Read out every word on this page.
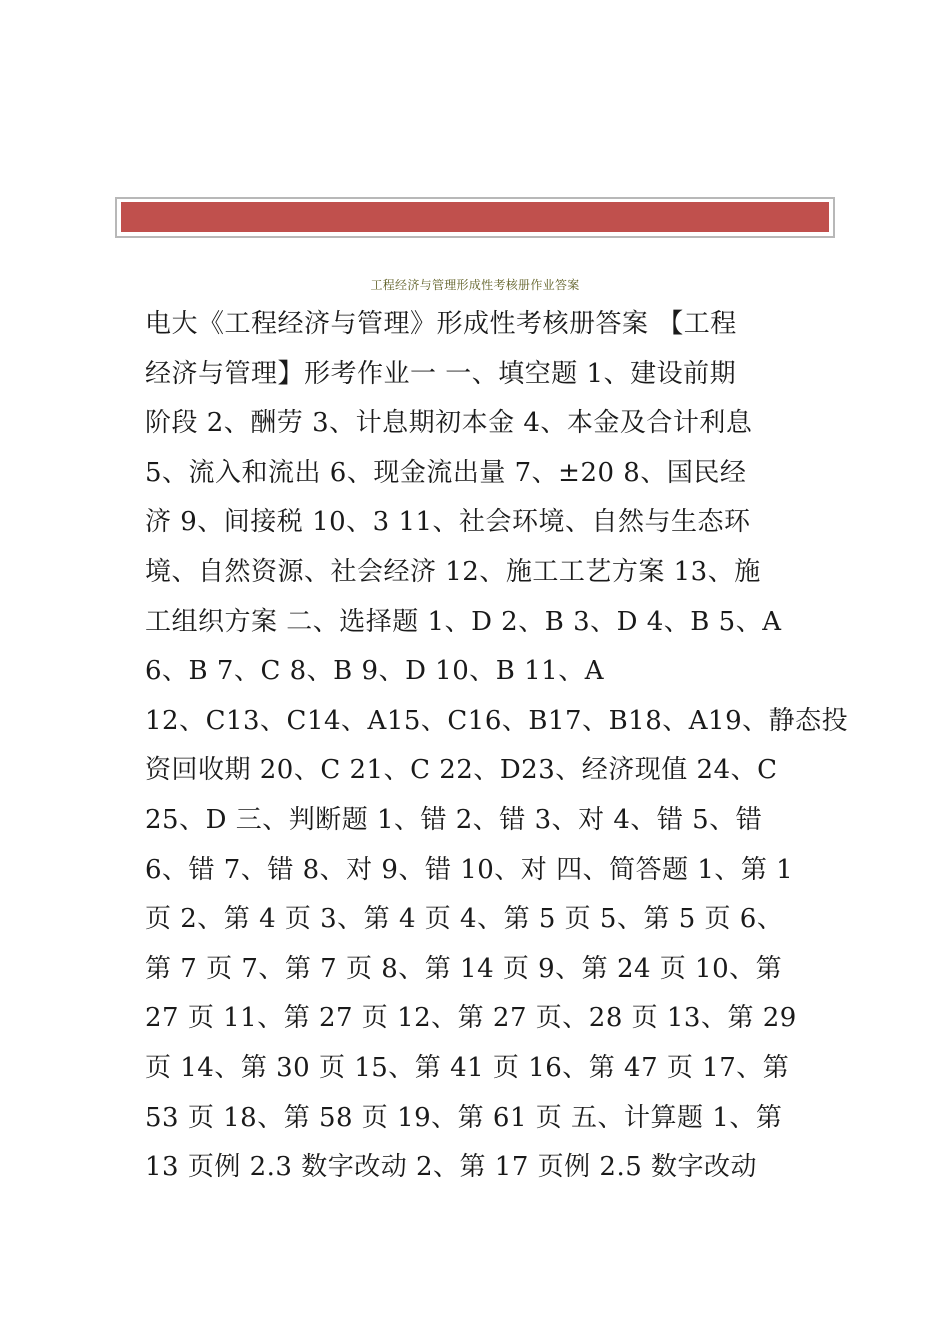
工程经济与管理形成性考核册作业答案
电大《工程经济与管理》形成性考核册答案 【工程
经济与管理】形考作业一 一、填空题 1、建设前期
阶段 2、酬劳 3、计息期初本金 4、本金及合计利息
5、流入和流出 6、现金流出量 7、±20 8、国民经
济 9、间接税 10、3 11、社会环境、自然与生态环
境、自然资源、社会经济 12、施工工艺方案 13、施
工组织方案 二、选择题 1、D 2、B 3、D 4、B 5、A
6、B 7、C 8、B 9、D 10、B 11、A
12、C13、C14、A15、C16、B17、B18、A19、静态投
资回收期 20、C 21、C 22、D23、经济现值 24、C
25、D 三、判断题 1、错 2、错 3、对 4、错 5、错
6、错 7、错 8、对 9、错 10、对 四、简答题 1、第 1
页 2、第 4 页 3、第 4 页 4、第 5 页 5、第 5 页 6、
第 7 页 7、第 7 页 8、第 14 页 9、第 24 页 10、第
27 页 11、第 27 页 12、第 27 页、28 页 13、第 29
页 14、第 30 页 15、第 41 页 16、第 47 页 17、第
53 页 18、第 58 页 19、第 61 页 五、计算题 1、第
13 页例 2.3 数字改动 2、第 17 页例 2.5 数字改动
